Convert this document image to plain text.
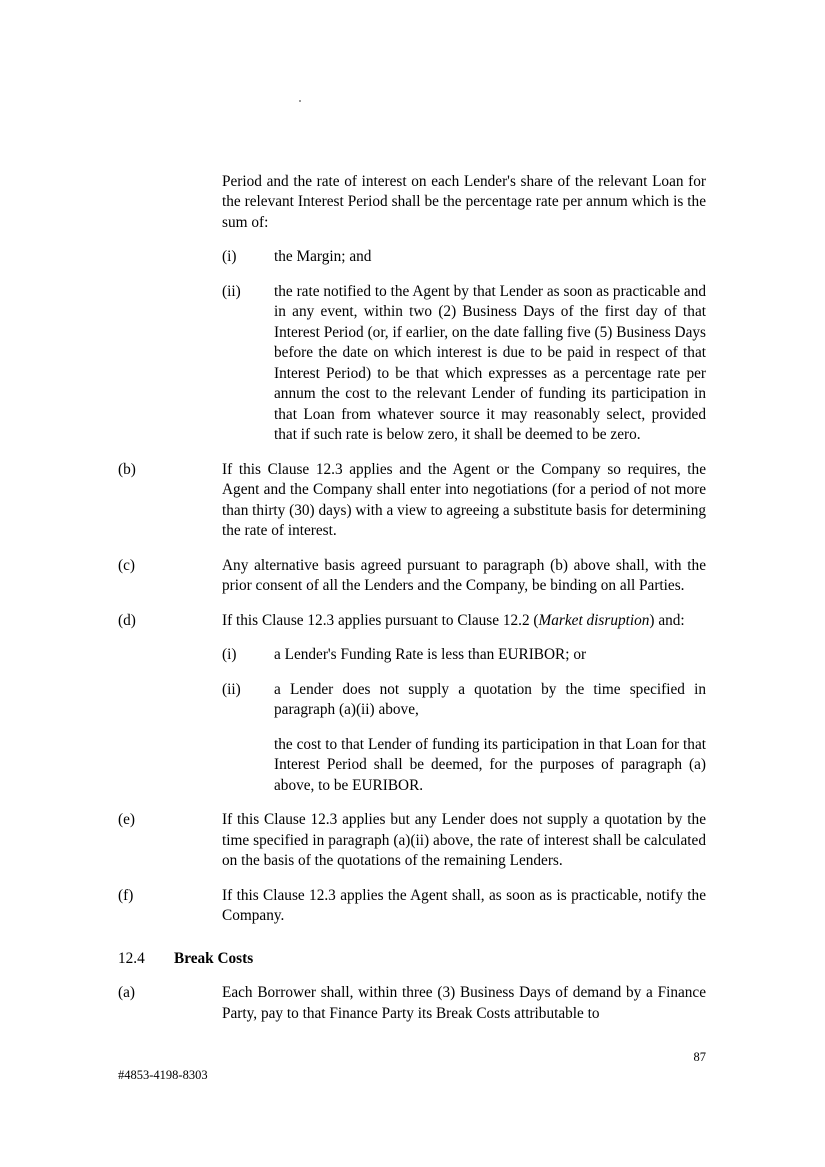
Period and the rate of interest on each Lender's share of the relevant Loan for the relevant Interest Period shall be the percentage rate per annum which is the sum of:
(i)	the Margin; and
(ii)	the rate notified to the Agent by that Lender as soon as practicable and in any event, within two (2) Business Days of the first day of that Interest Period (or, if earlier, on the date falling five (5) Business Days before the date on which interest is due to be paid in respect of that Interest Period) to be that which expresses as a percentage rate per annum the cost to the relevant Lender of funding its participation in that Loan from whatever source it may reasonably select, provided that if such rate is below zero, it shall be deemed to be zero.
(b)	If this Clause 12.3 applies and the Agent or the Company so requires, the Agent and the Company shall enter into negotiations (for a period of not more than thirty (30) days) with a view to agreeing a substitute basis for determining the rate of interest.
(c)	Any alternative basis agreed pursuant to paragraph (b) above shall, with the prior consent of all the Lenders and the Company, be binding on all Parties.
(d)	If this Clause 12.3 applies pursuant to Clause 12.2 (Market disruption) and:
(i)	a Lender's Funding Rate is less than EURIBOR; or
(ii)	a Lender does not supply a quotation by the time specified in paragraph (a)(ii) above,
the cost to that Lender of funding its participation in that Loan for that Interest Period shall be deemed, for the purposes of paragraph (a) above, to be EURIBOR.
(e)	If this Clause 12.3 applies but any Lender does not supply a quotation by the time specified in paragraph (a)(ii) above, the rate of interest shall be calculated on the basis of the quotations of the remaining Lenders.
(f)	If this Clause 12.3 applies the Agent shall, as soon as is practicable, notify the Company.
12.4	Break Costs
(a)	Each Borrower shall, within three (3) Business Days of demand by a Finance Party, pay to that Finance Party its Break Costs attributable to
87
#4853-4198-8303
